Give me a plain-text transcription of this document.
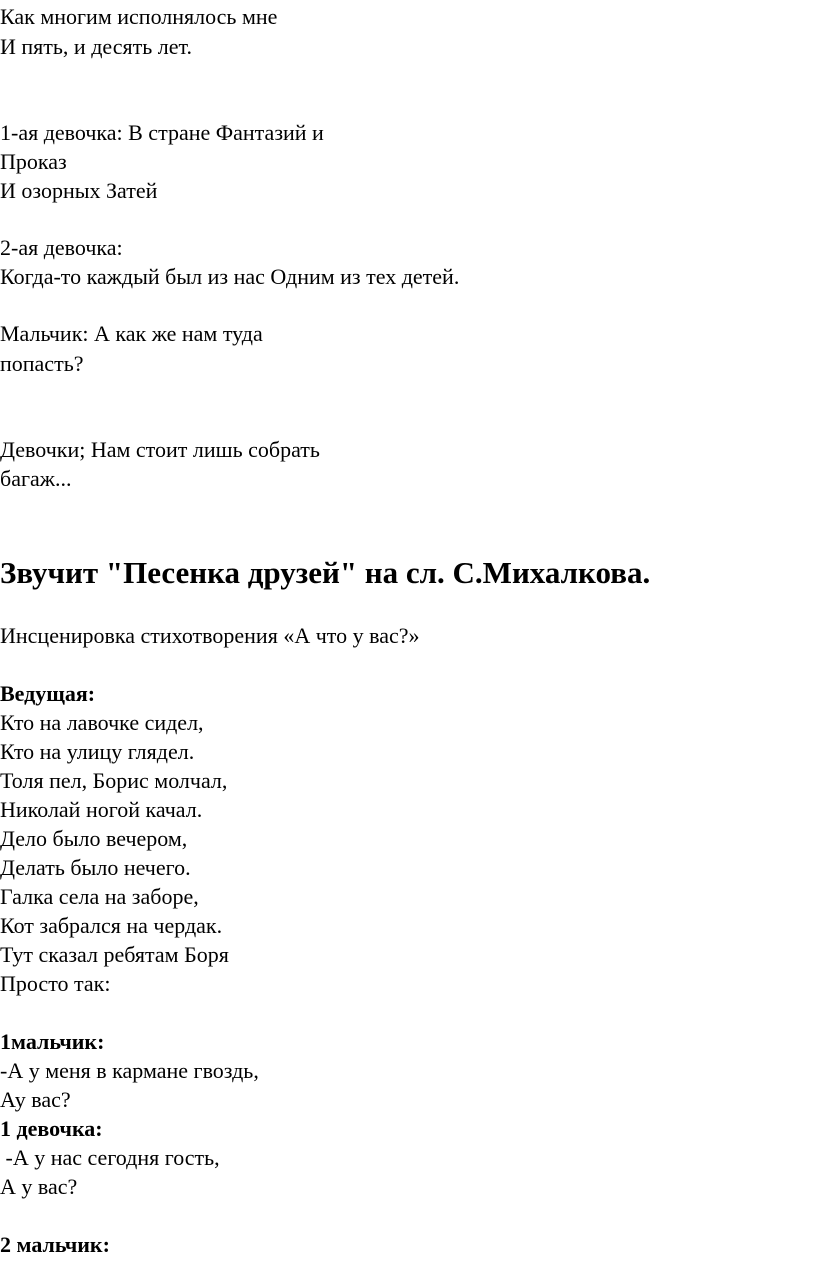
Как многим исполнялось мне

И пять, и десять лет.

1-ая девочка: В стране Фантазий и

Проказ

И озорных Затей

2-ая девочка:

Когда-то каждый был из нас Одним из тех детей.

Мальчик: А как же нам туда

попасть?

Девочки; Нам стоит лишь собрать

багаж...

Звучит "Песенка друзей" на сл. С.Михалкова.

Инсценировка стихотворения «А что у вас?»

Ведущая:

Кто на лавочке сидел,

Кто на улицу глядел.

Толя пел, Борис молчал,

Николай ногой качал.

Дело было вечером,

Делать было нечего.

Галка села на заборе,

Кот забрался на чердак.

Тут сказал ребятам Боря

Просто так:

1мальчик:

-А у меня в кармане гвоздь,

Ау вас?

1 девочка:

-А у нас сегодня гость,

А у вас?

2 мальчик:
